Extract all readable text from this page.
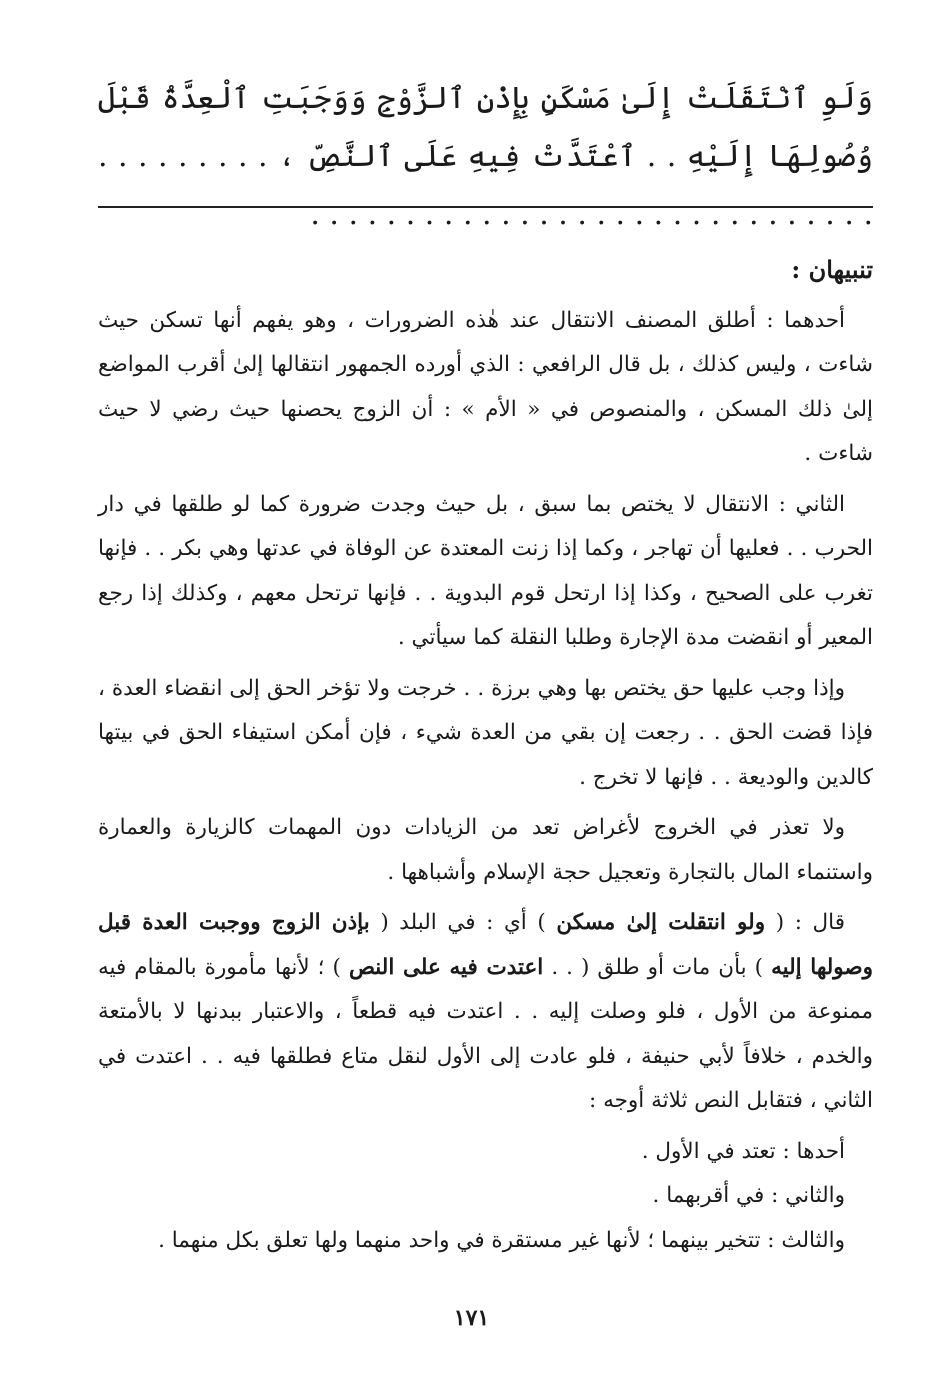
وَلَوِ ٱنْتَقَلَتْ إِلَىٰ مَسْكَنٍ بِإِذْنِ ٱلزَّوْجِ وَوَجَبَتِ ٱلْعِدَّةُ قَبْلَ وُصُولِهَا إِلَيْهِ . . ٱعْتَدَّتْ فِيهِ عَلَى ٱلنَّصِّ ، . . . . . . . . . . . . . . . . . . . . . . . . . . . . . . . . . . . . . . .

تنبيهان :

أحدهما : أطلق المصنف الانتقال عند هٰذه الضرورات ، وهو يفهم أنها تسكن حيث شاءت ، وليس كذلك ، بل قال الرافعي : الذي أورده الجمهور انتقالها إلىٰ أقرب المواضع إلىٰ ذلك المسكن ، والمنصوص في « الأم » : أن الزوج يحصنها حيث رضي لا حيث شاءت .

الثاني : الانتقال لا يختص بما سبق ، بل حيث وجدت ضرورة كما لو طلقها في دار الحرب . . فعليها أن تهاجر ، وكما إذا زنت المعتدة عن الوفاة في عدتها وهي بكر . . فإنها تغرب على الصحيح ، وكذا إذا ارتحل قوم البدوية . . فإنها ترتحل معهم ، وكذلك إذا رجع المعير أو انقضت مدة الإجارة وطلبا النقلة كما سيأتي .

وإذا وجب عليها حق يختص بها وهي برزة . . خرجت ولا تؤخر الحق إلى انقضاء العدة ، فإذا قضت الحق . . رجعت إن بقي من العدة شيء ، فإن أمكن استيفاء الحق في بيتها كالدين والوديعة . . فإنها لا تخرج .

ولا تعذر في الخروج لأغراض تعد من الزيادات دون المهمات كالزيارة والعمارة واستنماء المال بالتجارة وتعجيل حجة الإسلام وأشباهها .

قال : ( ولو انتقلت إلىٰ مسكن ) أي : في البلد ( بإذن الزوج ووجبت العدة قبل وصولها إليه ) بأن مات أو طلق ( . . اعتدت فيه على النص ) ؛ لأنها مأمورة بالمقام فيه ممنوعة من الأول ، فلو وصلت إليه . . اعتدت فيه قطعاً ، والاعتبار ببدنها لا بالأمتعة والخدم ، خلافاً لأبي حنيفة ، فلو عادت إلى الأول لنقل متاع فطلقها فيه . . اعتدت في الثاني ، فتقابل النص ثلاثة أوجه :

أحدها : تعتد في الأول .

والثاني : في أقربهما .

والثالث : تتخير بينهما ؛ لأنها غير مستقرة في واحد منهما ولها تعلق بكل منهما .

١٧١
